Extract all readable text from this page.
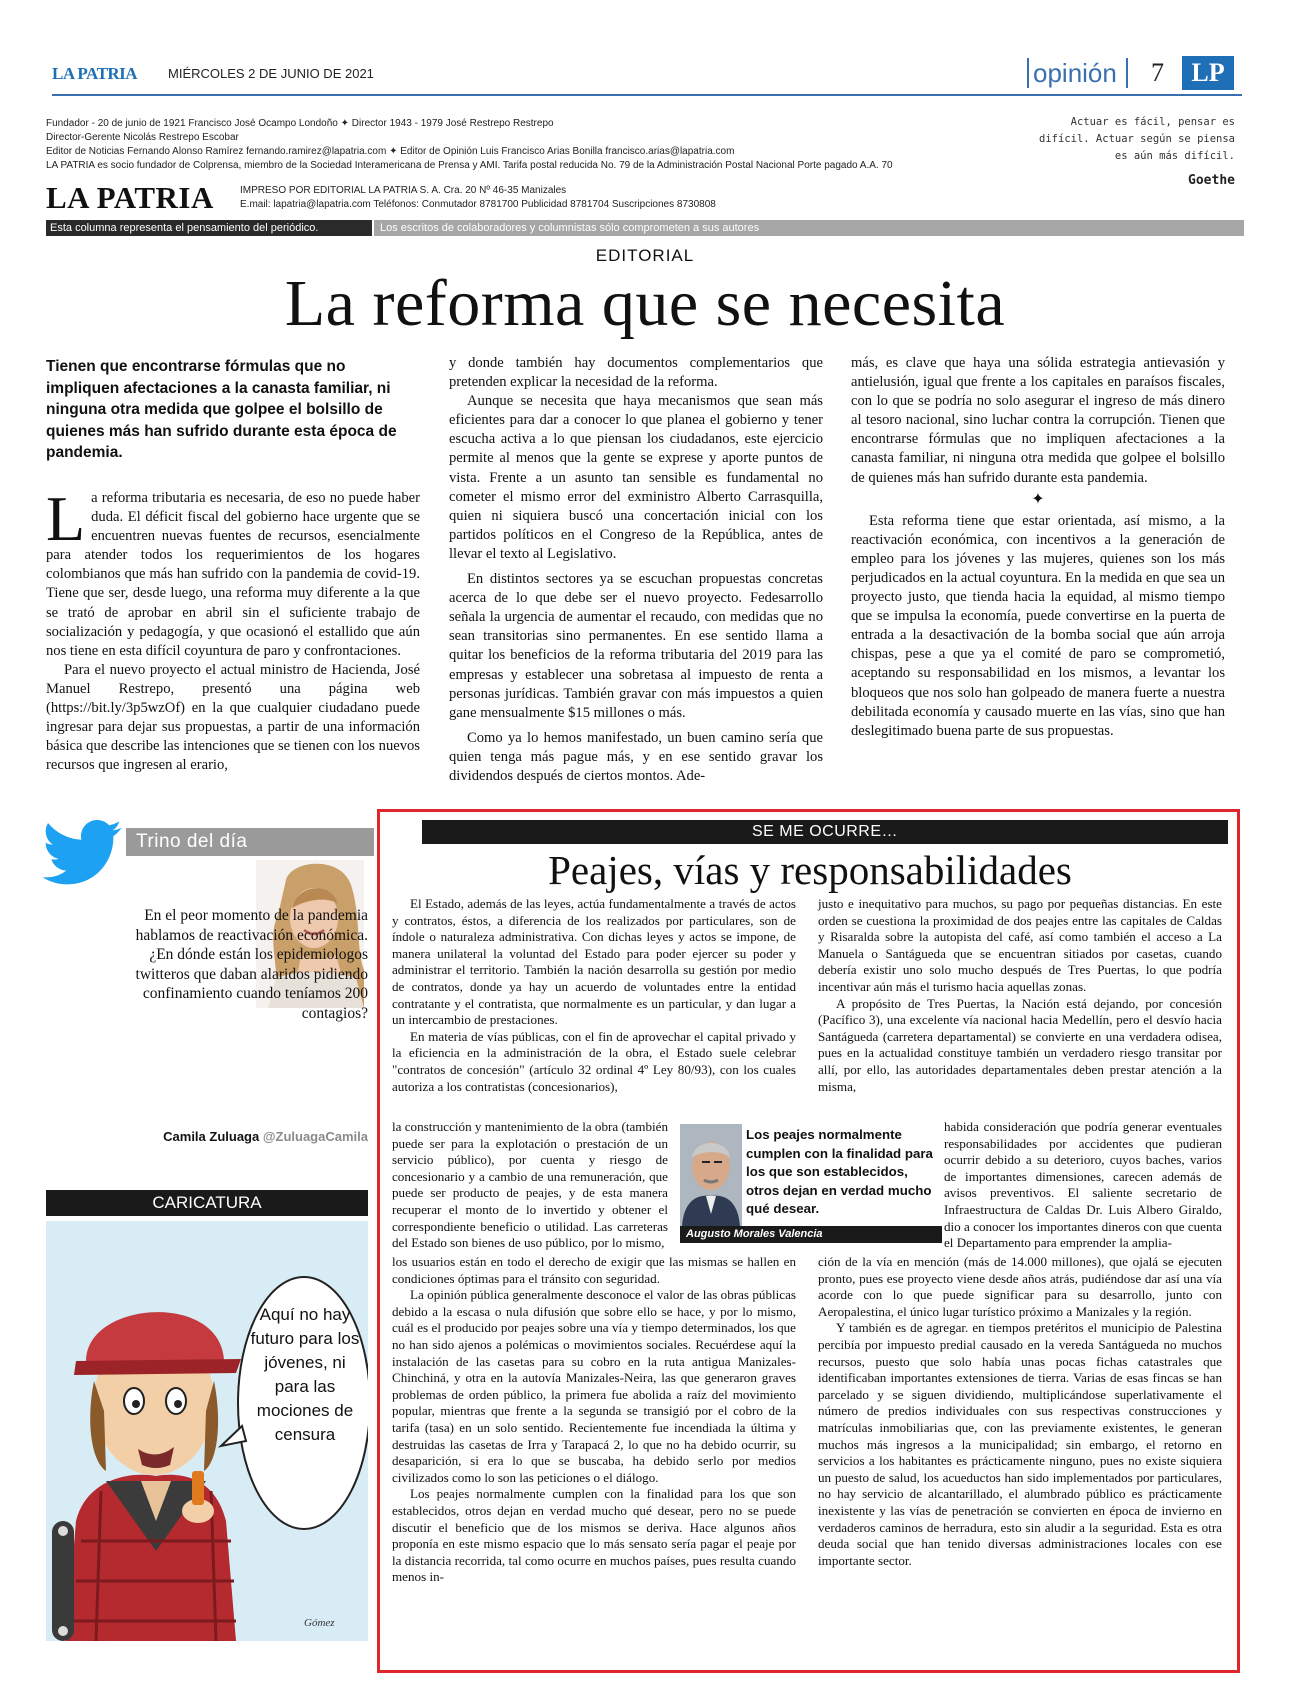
LA PATRIA MIÉRCOLES 2 DE JUNIO DE 2021	opinión 7	LP
Fundador - 20 de junio de 1921 Francisco José Ocampo Londoño ✦ Director 1943 - 1979 José Restrepo Restrepo
Director-Gerente Nicolás Restrepo Escobar
Editor de Noticias Fernando Alonso Ramírez fernando.ramirez@lapatria.com ✦ Editor de Opinión Luis Francisco Arias Bonilla francisco.arias@lapatria.com
LA PATRIA es socio fundador de Colprensa, miembro de la Sociedad Interamericana de Prensa y AMI. Tarifa postal reducida No. 79 de la Administración Postal Nacional Porte pagado A.A. 70
LA PATRIA	IMPRESO POR EDITORIAL LA PATRIA S. A. Cra. 20 Nº 46-35 Manizales
E.mail: lapatria@lapatria.com Teléfonos: Conmutador 8781700 Publicidad 8781704 Suscripciones 8730808
Actuar es fácil, pensar es difícil. Actuar según se piensa es aún más difícil.
Goethe
Esta columna representa el pensamiento del periódico.	Los escritos de colaboradores y columnistas sólo comprometen a sus autores
EDITORIAL
La reforma que se necesita
Tienen que encontrarse fórmulas que no impliquen afectaciones a la canasta familiar, ni ninguna otra medida que golpee el bolsillo de quienes más han sufrido durante esta época de pandemia.
L a reforma tributaria es necesaria, de eso no puede haber duda. El déficit fiscal del gobierno hace urgente que se encuentren nuevas fuentes de recursos, esencialmente para atender todos los requerimientos de los hogares colombianos que más han sufrido con la pandemia de covid-19. Tiene que ser, desde luego, una reforma muy diferente a la que se trató de aprobar en abril sin el suficiente trabajo de socialización y pedagogía, y que ocasionó el estallido que aún nos tiene en esta difícil coyuntura de paro y confrontaciones.

Para el nuevo proyecto el actual ministro de Hacienda, José Manuel Restrepo, presentó una página web (https://bit.ly/3p5wzOf) en la que cualquier ciudadano puede ingresar para dejar sus propuestas, a partir de una información básica que describe las intenciones que se tienen con los nuevos recursos que ingresen al erario,

y donde también hay documentos complementarios que pretenden explicar la necesidad de la reforma.

Aunque se necesita que haya mecanismos que sean más eficientes para dar a conocer lo que planea el gobierno y tener escucha activa a lo que piensan los ciudadanos, este ejercicio permite al menos que la gente se exprese y aporte puntos de vista. Frente a un asunto tan sensible es fundamental no cometer el mismo error del exministro Alberto Carrasquilla, quien ni siquiera buscó una concertación inicial con los partidos políticos en el Congreso de la República, antes de llevar el texto al Legislativo.

En distintos sectores ya se escuchan propuestas concretas acerca de lo que debe ser el nuevo proyecto. Fedesarrollo señala la urgencia de aumentar el recaudo, con medidas que no sean transitorias sino permanentes. En ese sentido llama a quitar los beneficios de la reforma tributaria del 2019 para las empresas y establecer una sobretasa al impuesto de renta a personas jurídicas. También gravar con más impuestos a quien gane mensualmente $15 millones o más.

Como ya lo hemos manifestado, un buen camino sería que quien tenga más pague más, y en ese sentido gravar los dividendos después de ciertos montos. Ade-

más, es clave que haya una sólida estrategia antievasión y antielusión, igual que frente a los capitales en paraísos fiscales, con lo que se podría no solo asegurar el ingreso de más dinero al tesoro nacional, sino luchar contra la corrupción. Tienen que encontrarse fórmulas que no impliquen afectaciones a la canasta familiar, ni ninguna otra medida que golpee el bolsillo de quienes más han sufrido durante esta pandemia.

✦

Esta reforma tiene que estar orientada, así mismo, a la reactivación económica, con incentivos a la generación de empleo para los jóvenes y las mujeres, quienes son los más perjudicados en la actual coyuntura. En la medida en que sea un proyecto justo, que tienda hacia la equidad, al mismo tiempo que se impulsa la economía, puede convertirse en la puerta de entrada a la desactivación de la bomba social que aún arroja chispas, pese a que ya el comité de paro se comprometió, aceptando su responsabilidad en los mismos, a levantar los bloqueos que nos solo han golpeado de manera fuerte a nuestra debilitada economía y causado muerte en las vías, sino que han deslegitimado buena parte de sus propuestas.

Trino del día
En el peor momento de la pandemia hablamos de reactivación económica. ¿En dónde están los epidemiologos twitteros que daban alaridos pidiendo confinamiento cuando teníamos 200 contagios?
Camila Zuluaga @ZuluagaCamila
CARICATURA
Aquí no hay futuro para los jóvenes, ni para las mociones de censura
Gómez
SE ME OCURRE…
Peajes, vías y responsabilidades

El Estado, además de las leyes, actúa fundamentalmente a través de actos y contratos, éstos, a diferencia de los realizados por particulares, son de índole o naturaleza administrativa. Con dichas leyes y actos se impone, de manera unilateral la voluntad del Estado para poder ejercer su poder y administrar el territorio. También la nación desarrolla su gestión por medio de contratos, donde ya hay un acuerdo de voluntades entre la entidad contratante y el contratista, que normalmente es un particular, y dan lugar a un intercambio de prestaciones.

En materia de vías públicas, con el fin de aprovechar el capital privado y la eficiencia en la administración de la obra, el Estado suele celebrar "contratos de concesión" (artículo 32 ordinal 4º Ley 80/93), con los cuales autoriza a los contratistas (concesionarios),

la construcción y mantenimiento de la obra (también puede ser para la explotación o prestación de un servicio público), por cuenta y riesgo de concesionario y a cambio de una remuneración, que puede ser producto de peajes, y de esta manera recuperar el monto de lo invertido y obtener el correspondiente beneficio o utilidad. Las carreteras del Estado son bienes de uso público, por lo mismo,
Los peajes normalmente cumplen con la finalidad para los que son establecidos, otros dejan en verdad mucho qué desear.
Augusto Morales Valencia

los usuarios están en todo el derecho de exigir que las mismas se hallen en condiciones óptimas para el tránsito con seguridad.

La opinión pública generalmente desconoce el valor de las obras públicas debido a la escasa o nula difusión que sobre ello se hace, y por lo mismo, cuál es el producido por peajes sobre una vía y tiempo determinados, los que no han sido ajenos a polémicas o movimientos sociales. Recuérdese aquí la instalación de las casetas para su cobro en la ruta antigua Manizales- Chinchiná, y otra en la autovía Manizales-Neira, las que generaron graves problemas de orden público, la primera fue abolida a raíz del movimiento popular, mientras que frente a la segunda se transigió por el cobro de la tarifa (tasa) en un solo sentido. Recientemente fue incendiada la última y destruidas las casetas de Irra y Tarapacá 2, lo que no ha debido ocurrir, su desaparición, si era lo que se buscaba, ha debido serlo por medios civilizados como lo son las peticiones o el diálogo.

Los peajes normalmente cumplen con la finalidad para los que son establecidos, otros dejan en verdad mucho qué desear, pero no se puede discutir el beneficio que de los mismos se deriva. Hace algunos años proponía en este mismo espacio que lo más sensato sería pagar el peaje por la distancia recorrida, tal como ocurre en muchos países, pues resulta cuando menos in-

justo e inequitativo para muchos, su pago por pequeñas distancias. En este orden se cuestiona la proximidad de dos peajes entre las capitales de Caldas y Risaralda sobre la autopista del café, así como también el acceso a La Manuela o Santágueda que se encuentran sitiados por casetas, cuando debería existir uno solo mucho después de Tres Puertas, lo que podría incentivar aún más el turismo hacia aquellas zonas.

A propósito de Tres Puertas, la Nación está dejando, por concesión (Pacífico 3), una excelente vía nacional hacia Medellín, pero el desvío hacia Santágueda (carretera departamental) se convierte en una verdadera odisea, pues en la actualidad constituye también un verdadero riesgo transitar por allí, por ello, las autoridades departamentales deben prestar atención a la misma,

habida consideración que podría generar eventuales responsabilidades por accidentes que pudieran ocurrir debido a su deterioro, cuyos baches, varios de importantes dimensiones, carecen además de avisos preventivos. El saliente secretario de Infraestructura de Caldas Dr. Luis Albero Giraldo, dio a conocer los importantes dineros con que cuenta el Departamento para emprender la amplia-

ción de la vía en mención (más de 14.000 millones), que ojalá se ejecuten pronto, pues ese proyecto viene desde años atrás, pudiéndose dar así una vía acorde con lo que puede significar para su desarrollo, junto con Aeropalestina, el único lugar turístico próximo a Manizales y la región.

Y también es de agregar. en tiempos pretéritos el municipio de Palestina percibía por impuesto predial causado en la vereda Santágueda no muchos recursos, puesto que solo había unas pocas fichas catastrales que identificaban importantes extensiones de tierra. Varias de esas fincas se han parcelado y se siguen dividiendo, multiplicándose superlativamente el número de predios individuales con sus respectivas construcciones y matrículas inmobiliarias que, con las previamente existentes, le generan muchos más ingresos a la municipalidad; sin embargo, el retorno en servicios a los habitantes es prácticamente ninguno, pues no existe siquiera un puesto de salud, los acueductos han sido implementados por particulares, no hay servicio de alcantarillado, el alumbrado público es prácticamente inexistente y las vías de penetración se convierten en época de invierno en verdaderos caminos de herradura, esto sin aludir a la seguridad. Esta es otra deuda social que han tenido diversas administraciones locales con ese importante sector.
